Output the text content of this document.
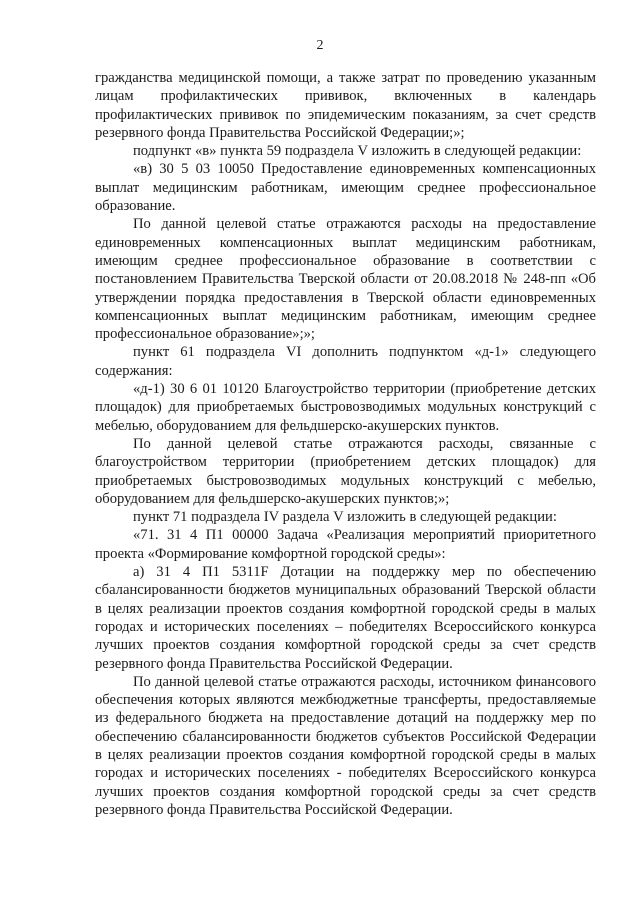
2

гражданства медицинской помощи, а также затрат по проведению указанным лицам профилактических прививок, включенных в календарь профилактических прививок по эпидемическим показаниям, за счет средств резервного фонда Правительства Российской Федерации;»;

подпункт «в» пункта 59 подраздела V изложить в следующей редакции:

«в) 30 5 03 10050 Предоставление единовременных компенсационных выплат медицинским работникам, имеющим среднее профессиональное образование.

По данной целевой статье отражаются расходы на предоставление единовременных компенсационных выплат медицинским работникам, имеющим среднее профессиональное образование в соответствии с постановлением Правительства Тверской области от 20.08.2018 № 248-пп «Об утверждении порядка предоставления в Тверской области единовременных компенсационных выплат медицинским работникам, имеющим среднее профессиональное образование»;»;

пункт 61 подраздела VI дополнить подпунктом «д-1» следующего содержания:

«д-1) 30 6 01 10120 Благоустройство территории (приобретение детских площадок) для приобретаемых быстровозводимых модульных конструкций с мебелью, оборудованием для фельдшерско-акушерских пунктов.

По данной целевой статье отражаются расходы, связанные с благоустройством территории (приобретением детских площадок) для приобретаемых быстровозводимых модульных конструкций с мебелью, оборудованием для фельдшерско-акушерских пунктов;»;

пункт 71 подраздела IV раздела V изложить в следующей редакции:

«71. 31 4 П1 00000 Задача «Реализация мероприятий приоритетного проекта «Формирование комфортной городской среды»:

а) 31 4 П1 5311F Дотации на поддержку мер по обеспечению сбалансированности бюджетов муниципальных образований Тверской области в целях реализации проектов создания комфортной городской среды в малых городах и исторических поселениях – победителях Всероссийского конкурса лучших проектов создания комфортной городской среды за счет средств резервного фонда Правительства Российской Федерации.

По данной целевой статье отражаются расходы, источником финансового обеспечения которых являются межбюджетные трансферты, предоставляемые из федерального бюджета на предоставление дотаций на поддержку мер по обеспечению сбалансированности бюджетов субъектов Российской Федерации в целях реализации проектов создания комфортной городской среды в малых городах и исторических поселениях - победителях Всероссийского конкурса лучших проектов создания комфортной городской среды за счет средств резервного фонда Правительства Российской Федерации.
